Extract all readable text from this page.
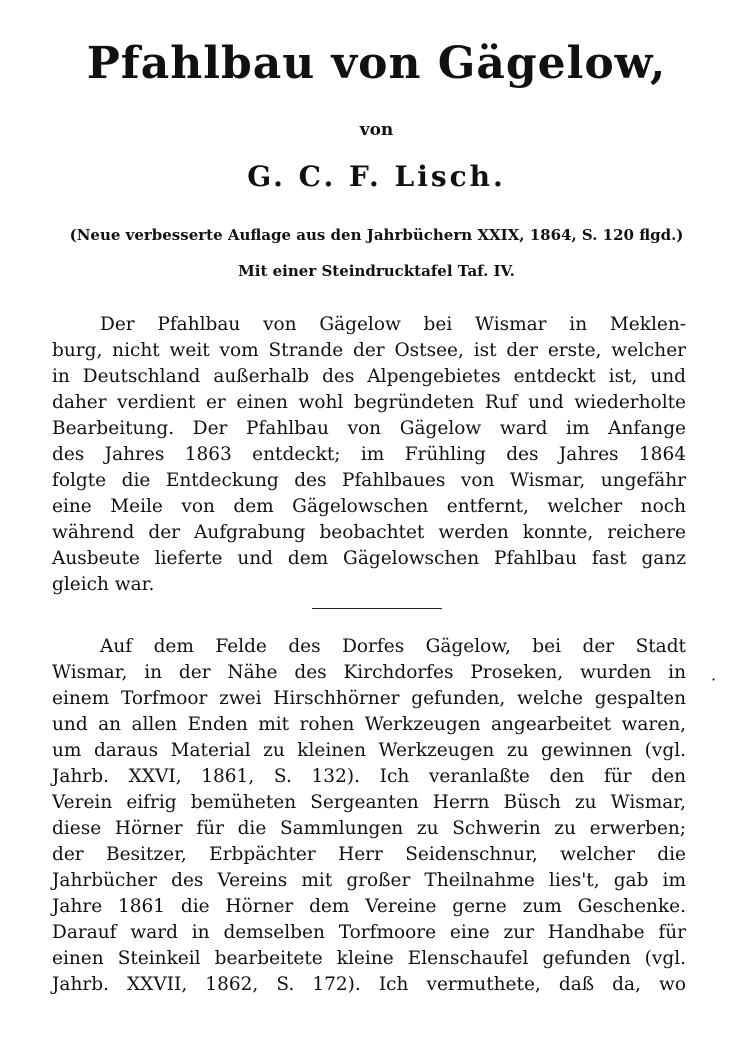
Pfahlbau von Gägelow,
von
G. C. F. Lisch.
(Neue verbesserte Auflage aus den Jahrbüchern XXIX, 1864, S. 120 flgd.)
Mit einer Steindrucktafel Taf. IV.
Der Pfahlbau von Gägelow bei Wismar in Meklen-
burg, nicht weit vom Strande der Ostsee, ist der erste, welcher
in Deutschland außerhalb des Alpengebietes entdeckt ist, und
daher verdient er einen wohl begründeten Ruf und wiederholte
Bearbeitung. Der Pfahlbau von Gägelow ward im Anfange
des Jahres 1863 entdeckt; im Frühling des Jahres 1864
folgte die Entdeckung des Pfahlbaues von Wismar, ungefähr
eine Meile von dem Gägelowschen entfernt, welcher noch
während der Aufgrabung beobachtet werden konnte, reichere
Ausbeute lieferte und dem Gägelowschen Pfahlbau fast ganz
gleich war.
Auf dem Felde des Dorfes Gägelow, bei der Stadt
Wismar, in der Nähe des Kirchdorfes Proseken, wurden in
einem Torfmoor zwei Hirschhörner gefunden, welche gespalten
und an allen Enden mit rohen Werkzeugen angearbeitet waren,
um daraus Material zu kleinen Werkzeugen zu gewinnen (vgl.
Jahrb. XXVI, 1861, S. 132). Ich veranlaßte den für den
Verein eifrig bemüheten Sergeanten Herrn Büsch zu Wismar,
diese Hörner für die Sammlungen zu Schwerin zu erwerben;
der Besitzer, Erbpächter Herr Seidenschnur, welcher die
Jahrbücher des Vereins mit großer Theilnahme lies't, gab im
Jahre 1861 die Hörner dem Vereine gerne zum Geschenke.
Darauf ward in demselben Torfmoore eine zur Handhabe für
einen Steinkeil bearbeitete kleine Elenschaufel gefunden (vgl.
Jahrb. XXVII, 1862, S. 172). Ich vermuthete, daß da, wo
·
